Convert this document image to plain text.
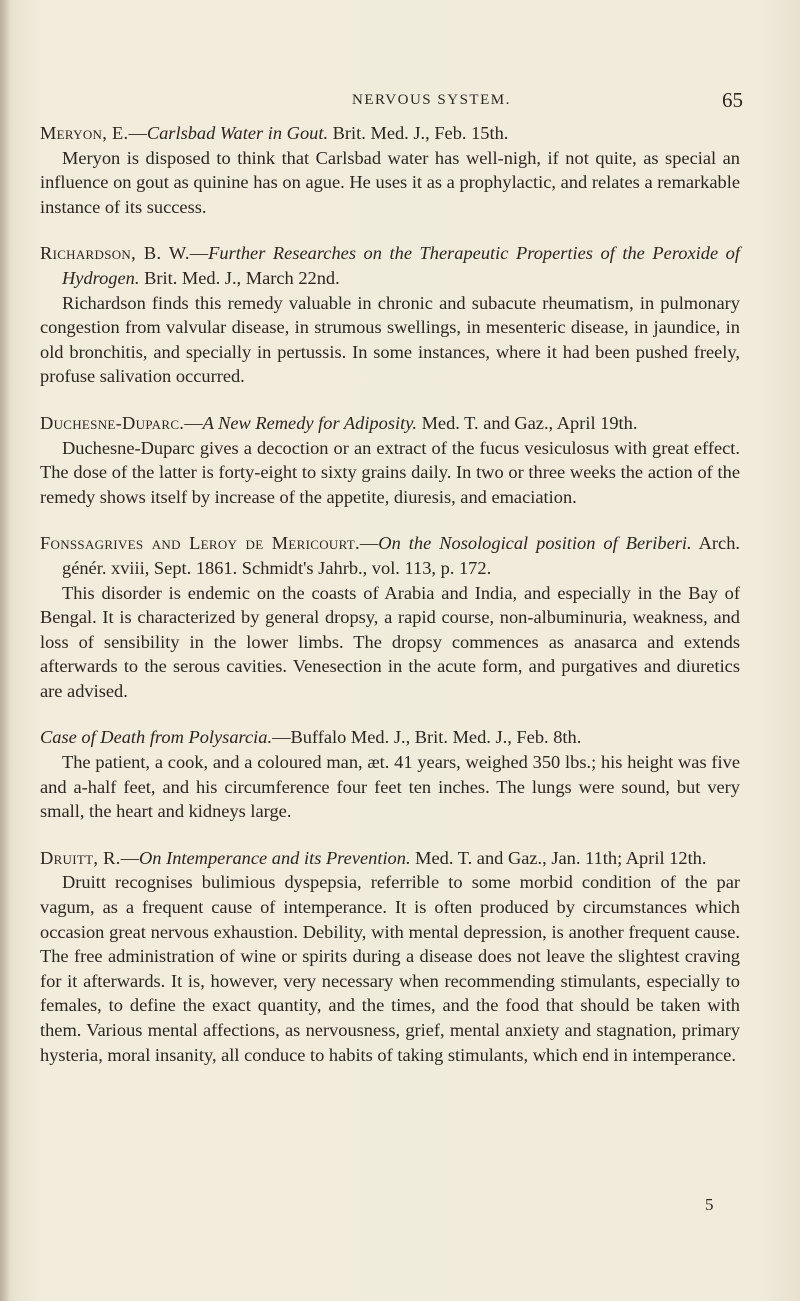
NERVOUS SYSTEM.	65

Meryon, E.—Carlsbad Water in Gout. Brit. Med. J., Feb. 15th.

Meryon is disposed to think that Carlsbad water has well-nigh, if not quite, as special an influence on gout as quinine has on ague. He uses it as a prophylactic, and relates a remarkable instance of its success.

Richardson, B. W.—Further Researches on the Therapeutic Properties of the Peroxide of Hydrogen. Brit. Med. J., March 22nd.

Richardson finds this remedy valuable in chronic and subacute rheumatism, in pulmonary congestion from valvular disease, in strumous swellings, in mesenteric disease, in jaundice, in old bronchitis, and specially in pertussis. In some instances, where it had been pushed freely, profuse salivation occurred.

Duchesne-Duparc.—A New Remedy for Adiposity. Med. T. and Gaz., April 19th.

Duchesne-Duparc gives a decoction or an extract of the fucus vesiculosus with great effect. The dose of the latter is forty-eight to sixty grains daily. In two or three weeks the action of the remedy shows itself by increase of the appetite, diuresis, and emaciation.

Fonssagrives and Leroy de Mericourt.—On the Nosological position of Beriberi. Arch. génér. xviii, Sept. 1861. Schmidt's Jahrb., vol. 113, p. 172.

This disorder is endemic on the coasts of Arabia and India, and especially in the Bay of Bengal. It is characterized by general dropsy, a rapid course, non-albuminuria, weakness, and loss of sensibility in the lower limbs. The dropsy commences as anasarca and extends afterwards to the serous cavities. Venesection in the acute form, and purgatives and diuretics are advised.

Case of Death from Polysarcia.—Buffalo Med. J., Brit. Med. J., Feb. 8th.

The patient, a cook, and a coloured man, æt. 41 years, weighed 350 lbs.; his height was five and a-half feet, and his circumference four feet ten inches. The lungs were sound, but very small, the heart and kidneys large.

Druitt, R.—On Intemperance and its Prevention. Med. T. and Gaz., Jan. 11th; April 12th.

Druitt recognises bulimious dyspepsia, referrible to some morbid condition of the par vagum, as a frequent cause of intemperance. It is often produced by circumstances which occasion great nervous exhaustion. Debility, with mental depression, is another frequent cause. The free administration of wine or spirits during a disease does not leave the slightest craving for it afterwards. It is, however, very necessary when recommending stimulants, especially to females, to define the exact quantity, and the times, and the food that should be taken with them. Various mental affections, as nervousness, grief, mental anxiety and stagnation, primary hysteria, moral insanity, all conduce to habits of taking stimulants, which end in intemperance.

5
